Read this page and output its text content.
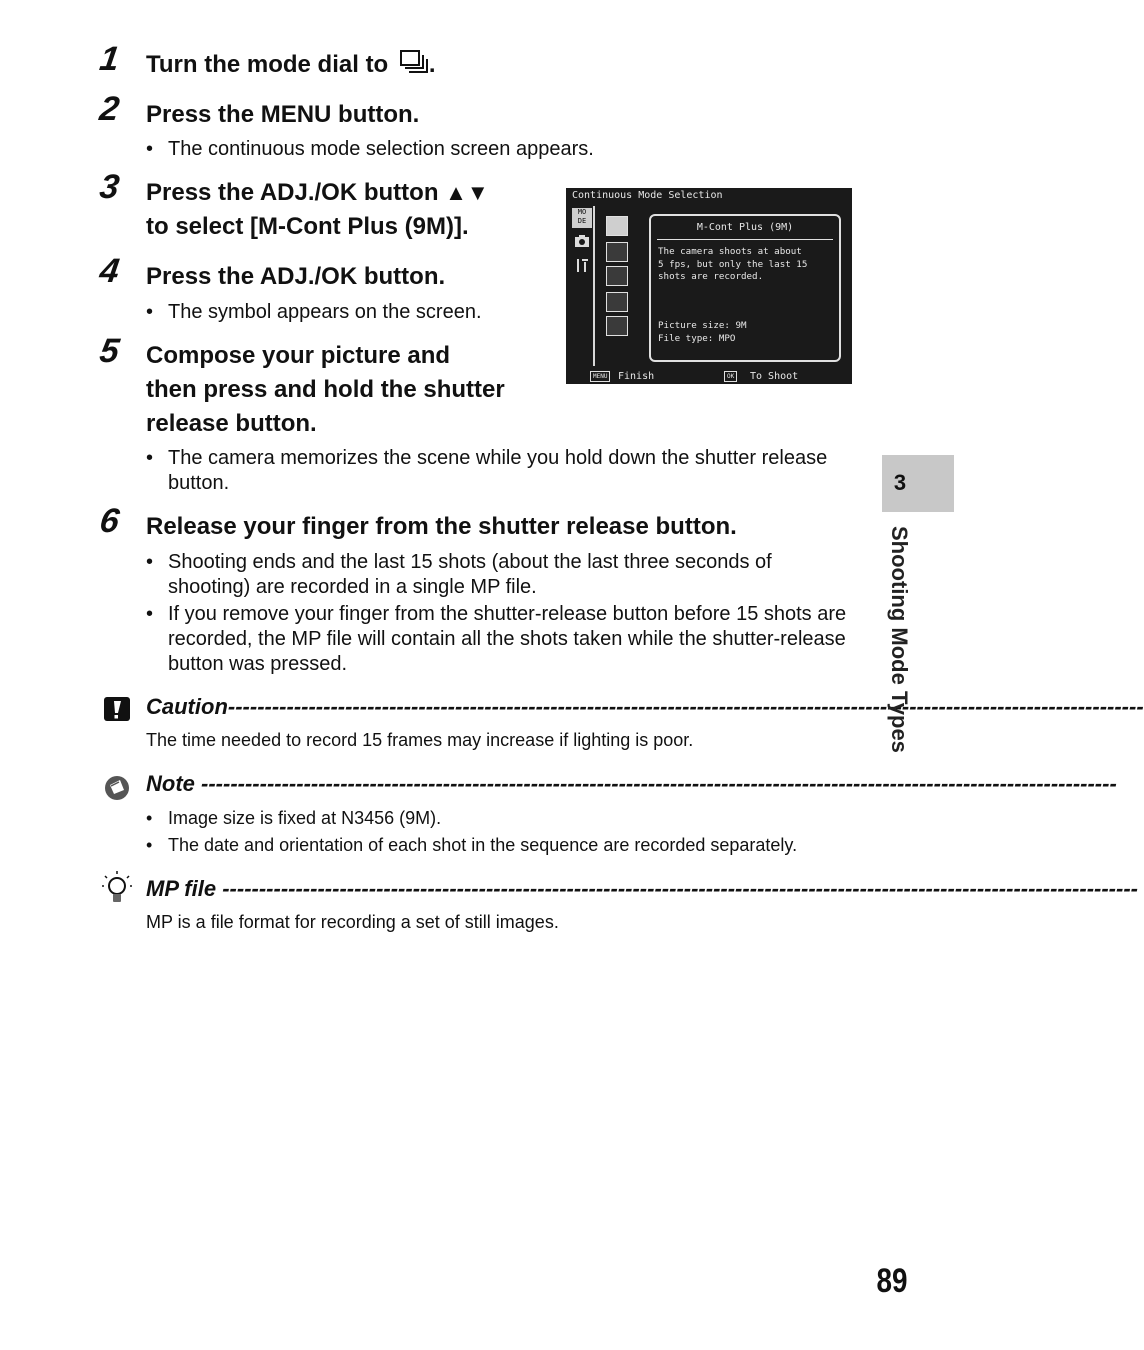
1	Turn the mode dial to .
2	Press the MENU button.
• The continuous mode selection screen appears.
3	Press the ADJ./OK button ▲▼
to select [M-Cont Plus (9M)].
4	Press the ADJ./OK button.
• The symbol appears on the screen.
5	Compose your picture and
then press and hold the shutter
release button.
• The camera memorizes the scene while you hold down the shutter release button.
6	Release your finger from the shutter release button.
• Shooting ends and the last 15 shots (about the last three seconds of shooting) are recorded in a single MP file.
• If you remove your finger from the shutter-release button before 15 shots are recorded, the MP file will contain all the shots taken while the shutter-release button was pressed.
Continuous Mode Selection
MO DE
M-Cont Plus (9M)
The camera shoots at about
5 fps, but only the last 15
shots are recorded.
Picture size: 9M
File type: MPO
MENU	Finish	OK	To Shoot
Caution-----------------------------------------------------------------------------------------------------------------------------
The time needed to record 15 frames may increase if lighting is poor.
Note -----------------------------------------------------------------------------------------------------------------------------
• Image size is fixed at N3456 (9M).
• The date and orientation of each shot in the sequence are recorded separately.
MP file -----------------------------------------------------------------------------------------------------------------------------
MP is a file format for recording a set of still images.
3
Shooting Mode Types
89
